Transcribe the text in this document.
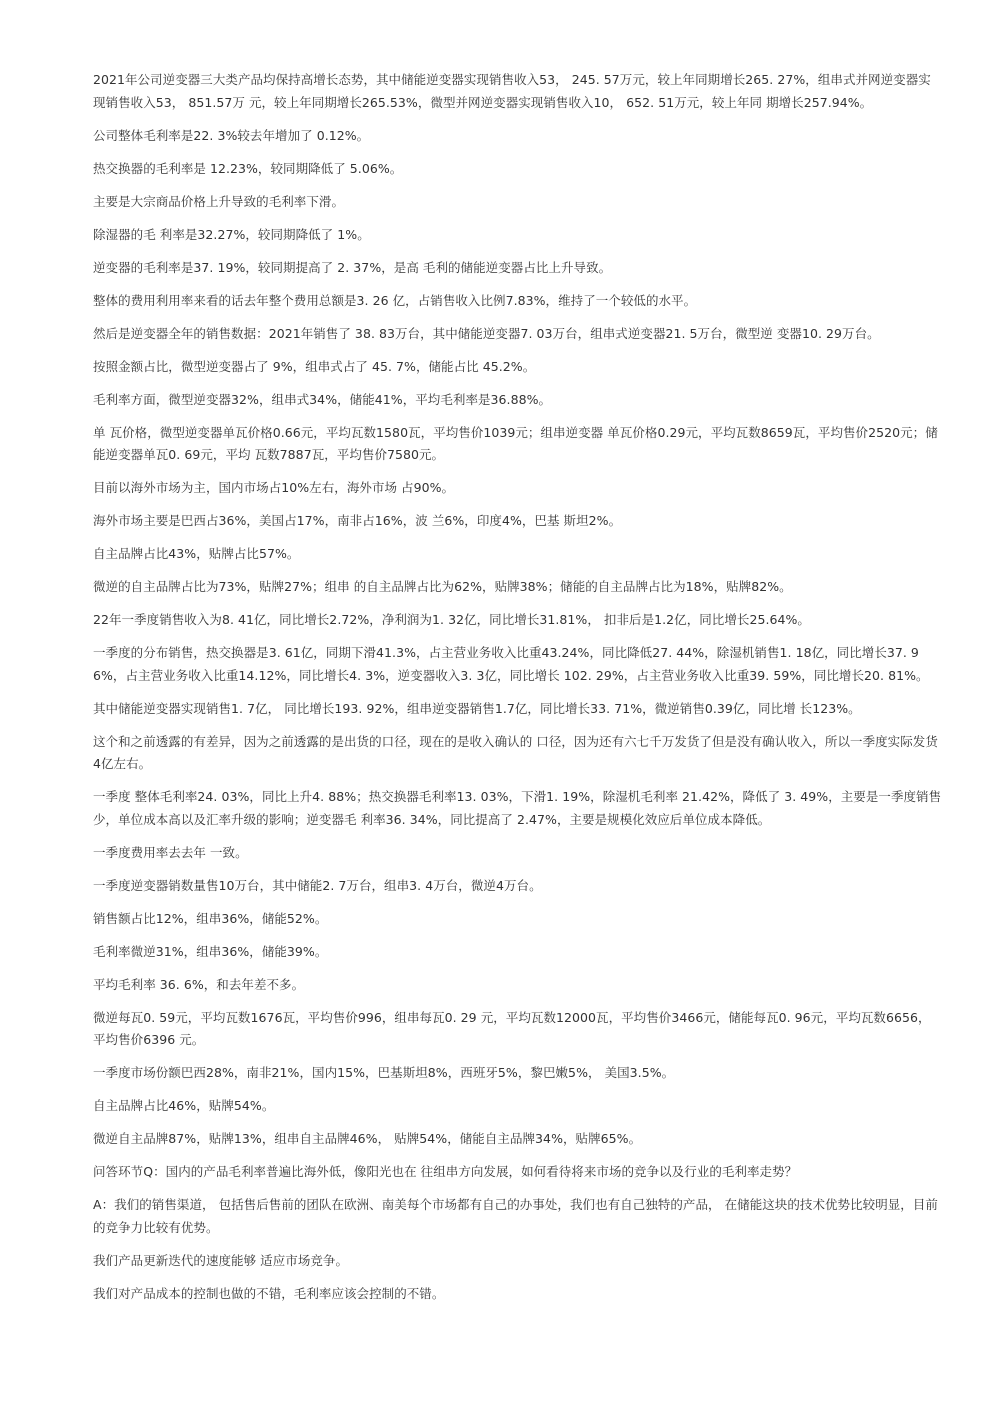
2021年公司逆变器三大类产品均保持高增长态势，其中储能逆变器实现销售收入53， 245. 57万元，较上年同期增长265. 27%，组串式并网逆变器实现销售收入53， 851.57万 元，较上年同期增长265.53%，微型并网逆变器实现销售收入10， 652. 51万元，较上年同 期增长257.94%。

公司整体毛利率是22. 3%较去年增加了 0.12%。

热交换器的毛利率是 12.23%，较同期降低了 5.06%。

主要是大宗商品价格上升导致的毛利率下滑。

除湿器的毛 利率是32.27%，较同期降低了 1%。

逆变器的毛利率是37. 19%，较同期提高了 2. 37%，是高 毛利的储能逆变器占比上升导致。

整体的费用利用率来看的话去年整个费用总额是3. 26 亿，占销售收入比例7.83%，维持了一个较低的水平。

然后是逆变器全年的销售数据：2021年销售了 38. 83万台，其中储能逆变器7. 03万台，组串式逆变器21. 5万台，微型逆 变器10. 29万台。

按照金额占比，微型逆变器占了 9%，组串式占了 45. 7%，储能占比 45.2%。

毛利率方面，微型逆变器32%，组串式34%，储能41%，平均毛利率是36.88%。

单 瓦价格，微型逆变器单瓦价格0.66元，平均瓦数1580瓦，平均售价1039元；组串逆变器 单瓦价格0.29元，平均瓦数8659瓦，平均售价2520元；储能逆变器单瓦0. 69元，平均 瓦数7887瓦，平均售价7580元。

目前以海外市场为主，国内市场占10%左右，海外市场 占90%。

海外市场主要是巴西占36%，美国占17%，南非占16%，波 兰6%，印度4%，巴基 斯坦2%。

自主品牌占比43%，贴牌占比57%。

微逆的自主品牌占比为73%，贴牌27%；组串 的自主品牌占比为62%，贴牌38%；储能的自主品牌占比为18%，贴牌82%。

22年一季度销售收入为8. 41亿，同比增长2.72%，净利润为1. 32亿，同比增长31.81%， 扣非后是1.2亿，同比增长25.64%。

一季度的分布销售，热交换器是3. 61亿，同期下滑41.3%，占主营业务收入比重43.24%，同比降低27. 44%，除湿机销售1. 18亿，同比增长37. 96%，占主营业务收入比重14.12%，同比增长4. 3%，逆变器收入3. 3亿，同比增长 102. 29%，占主营业务收入比重39. 59%，同比增长20. 81%。

其中储能逆变器实现销售1. 7亿， 同比增长193. 92%，组串逆变器销售1.7亿，同比增长33. 71%，微逆销售0.39亿，同比增 长123%。

这个和之前透露的有差异，因为之前透露的是出货的口径，现在的是收入确认的 口径，因为还有六七千万发货了但是没有确认收入，所以一季度实际发货4亿左右。

一季度 整体毛利率24. 03%，同比上升4. 88%；热交换器毛利率13. 03%，下滑1. 19%，除湿机毛利率 21.42%，降低了 3. 49%，主要是一季度销售少，单位成本高以及汇率升级的影响；逆变器毛 利率36. 34%，同比提高了 2.47%，主要是规模化效应后单位成本降低。

一季度费用率去去年 一致。

一季度逆变器销数量售10万台，其中储能2. 7万台，组串3. 4万台，微逆4万台。

销售额占比12%，组串36%，储能52%。

毛利率微逆31%，组串36%，储能39%。

平均毛利率 36. 6%，和去年差不多。

微逆每瓦0. 59元，平均瓦数1676瓦，平均售价996，组串每瓦0. 29 元，平均瓦数12000瓦，平均售价3466元，储能每瓦0. 96元，平均瓦数6656，平均售价6396 元。

一季度市场份额巴西28%，南非21%，国内15%，巴基斯坦8%，西班牙5%，黎巴嫩5%， 美国3.5%。

自主品牌占比46%，贴牌54%。

微逆自主品牌87%，贴牌13%，组串自主品牌46%， 贴牌54%，储能自主品牌34%，贴牌65%。

问答环节Q：国内的产品毛利率普遍比海外低，像阳光也在 往组串方向发展，如何看待将来市场的竞争以及行业的毛利率走势？

A：我们的销售渠道， 包括售后售前的团队在欧洲、南美每个市场都有自己的办事处，我们也有自己独特的产品， 在储能这块的技术优势比较明显，目前的竞争力比较有优势。

我们产品更新迭代的速度能够 适应市场竞争。

我们对产品成本的控制也做的不错，毛利率应该会控制的不错。
